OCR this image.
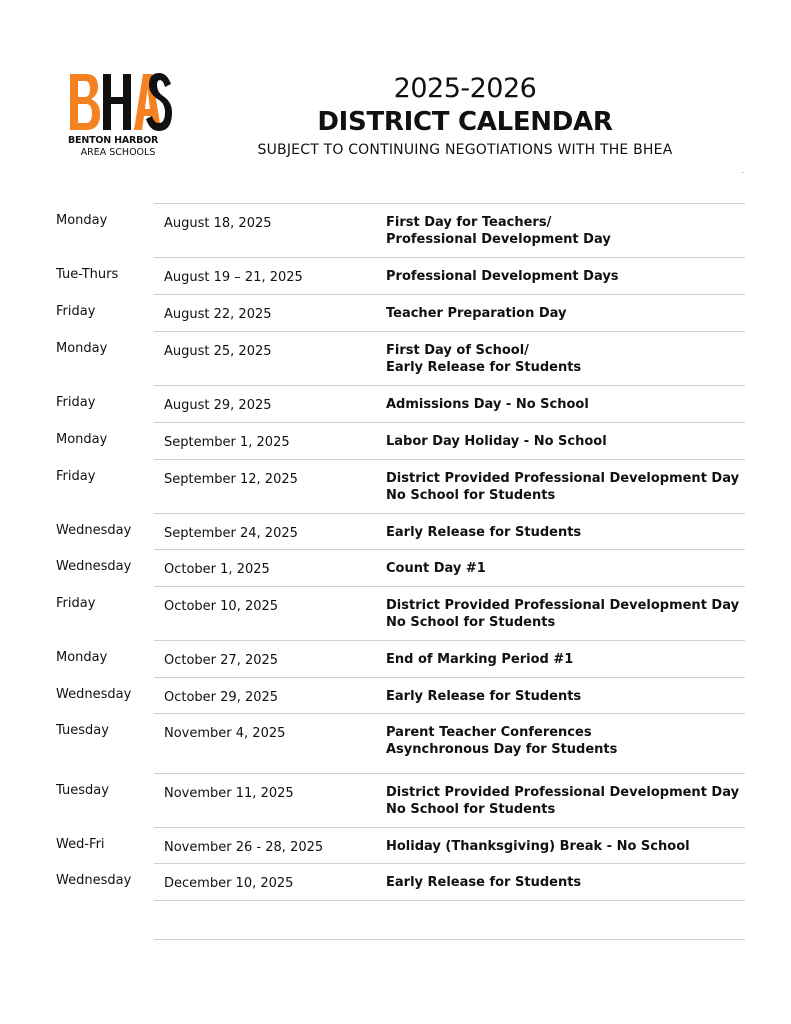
BENTON HARBOR
AREA SCHOOLS
2025-2026
DISTRICT CALENDAR
SUBJECT TO CONTINUING NEGOTIATIONS WITH THE BHEA
Monday	August 18, 2025	First Day for Teachers/
Professional Development Day
Tue-Thurs	August 19 – 21, 2025	Professional Development Days
Friday	August 22, 2025	Teacher Preparation Day
Monday	August 25, 2025	First Day of School/
Early Release for Students
Friday	August 29, 2025	Admissions Day - No School
Monday	September 1, 2025	Labor Day Holiday - No School
Friday	September 12, 2025	District Provided Professional Development Day
No School for Students
Wednesday	September 24, 2025	Early Release for Students
Wednesday	October 1, 2025	Count Day #1
Friday	October 10, 2025	District Provided Professional Development Day
No School for Students
Monday	October 27, 2025	End of Marking Period #1
Wednesday	October 29, 2025	Early Release for Students
Tuesday	November 4, 2025	Parent Teacher Conferences
Asynchronous Day for Students
Tuesday	November 11, 2025	District Provided Professional Development Day
No School for Students
Wed-Fri	November 26 - 28, 2025	Holiday (Thanksgiving) Break - No School
Wednesday	December 10, 2025	Early Release for Students
